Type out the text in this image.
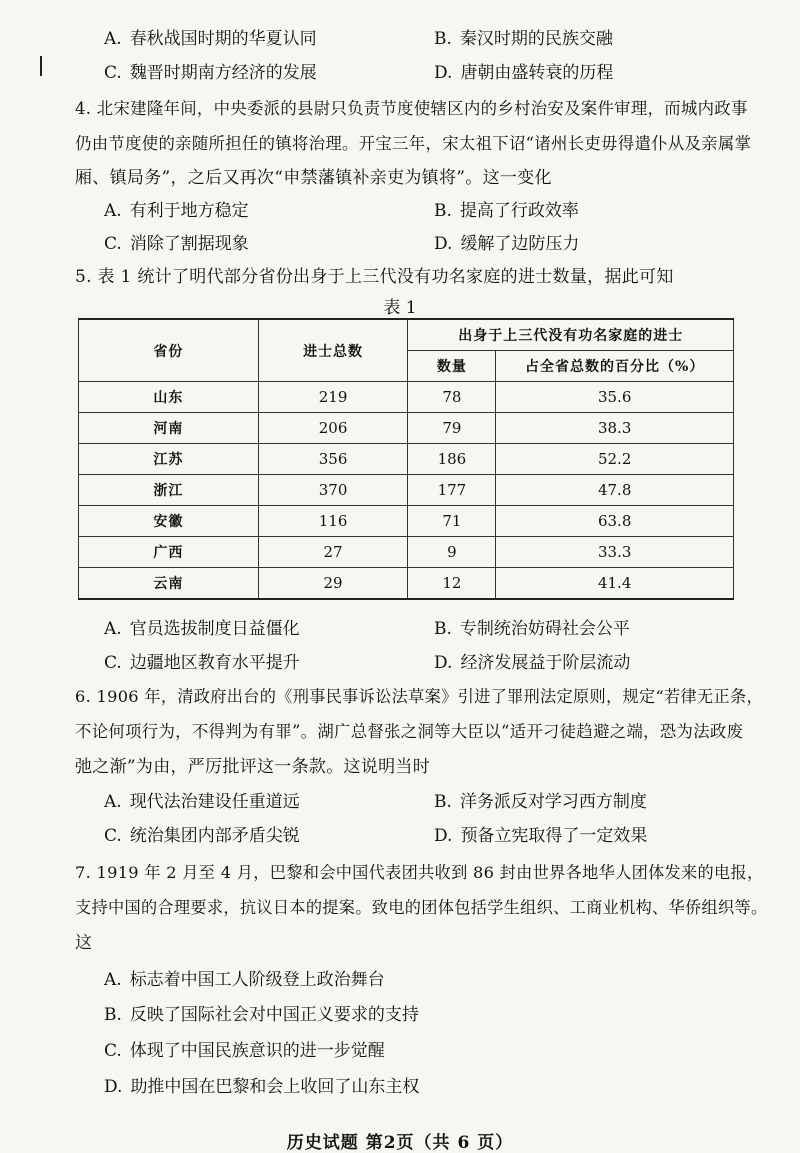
A. 春秋战国时期的华夏认同	B. 秦汉时期的民族交融
C. 魏晋时期南方经济的发展	D. 唐朝由盛转衰的历程
4. 北宋建隆年间，中央委派的县尉只负责节度使辖区内的乡村治安及案件审理，而城内政事
仍由节度使的亲随所担任的镇将治理。开宝三年，宋太祖下诏“诸州长吏毋得遣仆从及亲属掌
厢、镇局务”，之后又再次“申禁藩镇补亲吏为镇将”。这一变化
A. 有利于地方稳定	B. 提高了行政效率
C. 消除了割据现象	D. 缓解了边防压力
5. 表 1 统计了明代部分省份出身于上三代没有功名家庭的进士数量，据此可知
表 1
省份	进士总数	出身于上三代没有功名家庭的进士	
		数量	占全省总数的百分比（%）
山东	219	78	35.6
河南	206	79	38.3
江苏	356	186	52.2
浙江	370	177	47.8
安徽	116	71	63.8
广西	27	9	33.3
云南	29	12	41.4
A. 官员选拔制度日益僵化	B. 专制统治妨碍社会公平
C. 边疆地区教育水平提升	D. 经济发展益于阶层流动
6. 1906 年，清政府出台的《刑事民事诉讼法草案》引进了罪刑法定原则，规定“若律无正条，
不论何项行为，不得判为有罪”。湖广总督张之洞等大臣以“适开刁徒趋避之端，恐为法政废
弛之渐”为由，严厉批评这一条款。这说明当时
A. 现代法治建设任重道远	B. 洋务派反对学习西方制度
C. 统治集团内部矛盾尖锐	D. 预备立宪取得了一定效果
7. 1919 年 2 月至 4 月，巴黎和会中国代表团共收到 86 封由世界各地华人团体发来的电报，
支持中国的合理要求，抗议日本的提案。致电的团体包括学生组织、工商业机构、华侨组织等。
这
A. 标志着中国工人阶级登上政治舞台
B. 反映了国际社会对中国正义要求的支持
C. 体现了中国民族意识的进一步觉醒
D. 助推中国在巴黎和会上收回了山东主权
历史试题 第2页（共 6 页）
